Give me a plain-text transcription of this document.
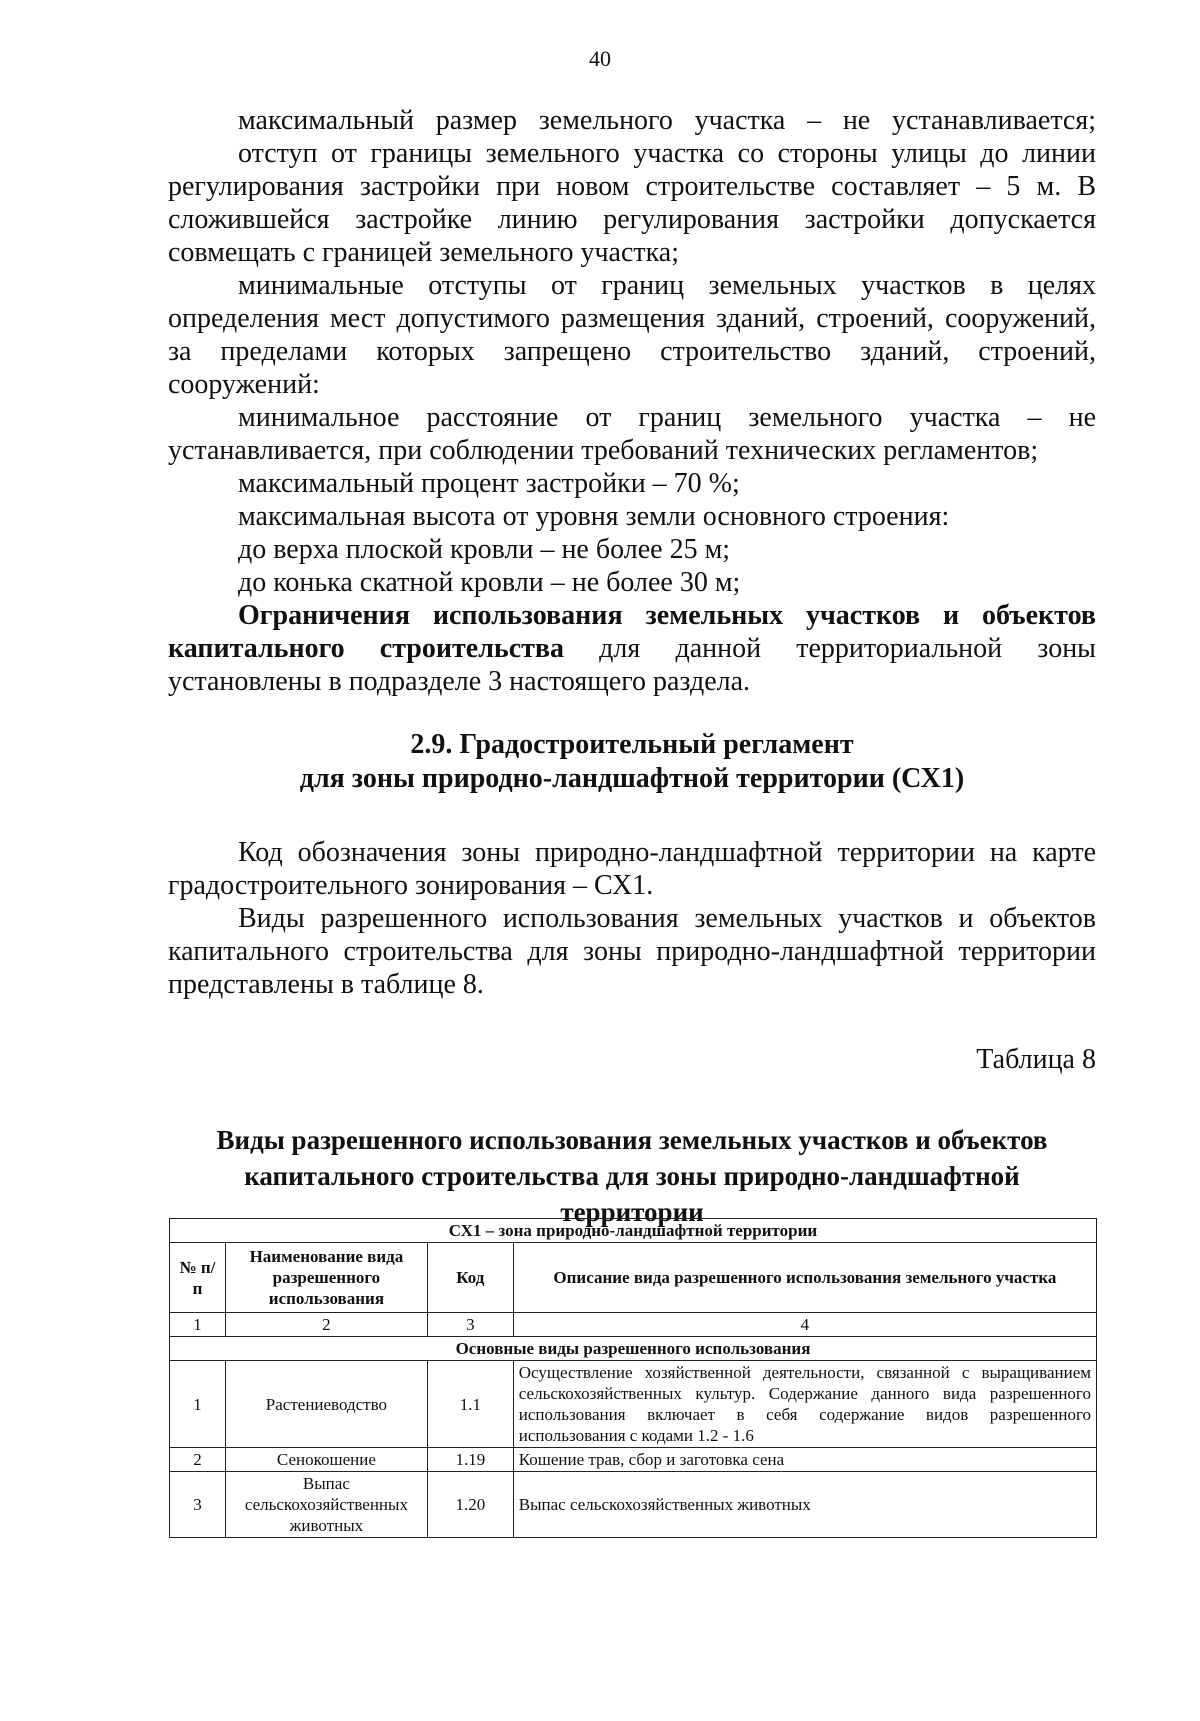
40

максимальный размер земельного участка – не устанавливается;

отступ от границы земельного участка со стороны улицы до линии регулирования застройки при новом строительстве составляет – 5 м. В сложившейся застройке линию регулирования застройки допускается совмещать с границей земельного участка;

минимальные отступы от границ земельных участков в целях определения мест допустимого размещения зданий, строений, сооружений, за пределами которых запрещено строительство зданий, строений, сооружений:

минимальное расстояние от границ земельного участка – не устанавливается, при соблюдении требований технических регламентов;

максимальный процент застройки – 70 %;

максимальная высота от уровня земли основного строения:

до верха плоской кровли – не более 25 м;

до конька скатной кровли – не более 30 м;

Ограничения использования земельных участков и объектов капитального строительства для данной территориальной зоны установлены в подразделе 3 настоящего раздела.

2.9. Градостроительный регламент
для зоны природно-ландшафтной территории (СХ1)

Код обозначения зоны природно-ландшафтной территории на карте градостроительного зонирования – СХ1.

Виды разрешенного использования земельных участков и объектов капитального строительства для зоны природно-ландшафтной территории представлены в таблице 8.

Таблица 8
Виды разрешенного использования земельных участков и объектов
капитального строительства для зоны природно-ландшафтной
территории
СХ1 – зона природно-ландшафтной территории			
№ п/п	Наименование вида разрешенного использования	Код	Описание вида разрешенного использования земельного участка
1	2	3	4
Основные виды разрешенного использования			
1	Растениеводство	1.1	Осуществление хозяйственной деятельности, связанной с выращиванием сельскохозяйственных культур. Содержание данного вида разрешенного использования включает в себя содержание видов разрешенного использования с кодами 1.2 - 1.6
2	Сенокошение	1.19	Кошение трав, сбор и заготовка сена
3	Выпас сельскохозяйственных животных	1.20	Выпас сельскохозяйственных животных
